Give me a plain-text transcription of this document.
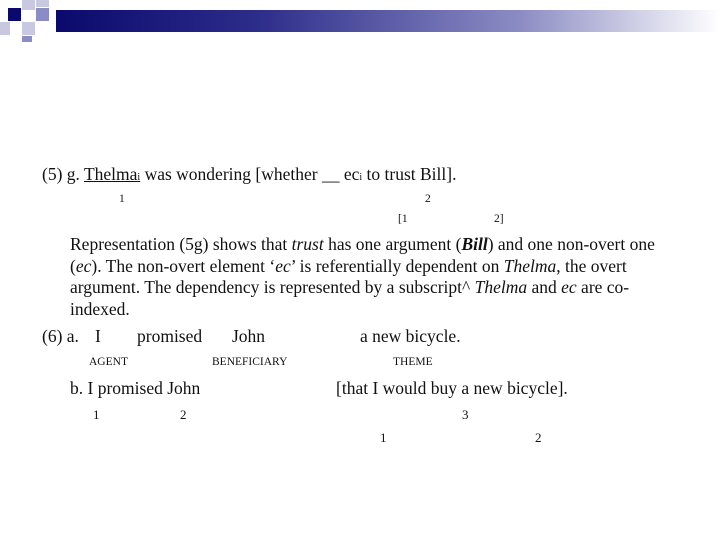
(5) g. Thelmai was wondering [whether __ eci to trust Bill].
1	2
[1	2]
Representation (5g) shows that trust has one argument (Bill) and one non-overt one (ec). The non-overt element ‘ec’ is referentially dependent on Thelma, the overt argument. The dependency is represented by a subscript^ Thelma and ec are co-indexed.
(6) a. I promised John	a new bicycle.
AGENT	BENEFICIARY	THEME
b. I promised John	[that I would buy a new bicycle].
1	2	3
1	2
